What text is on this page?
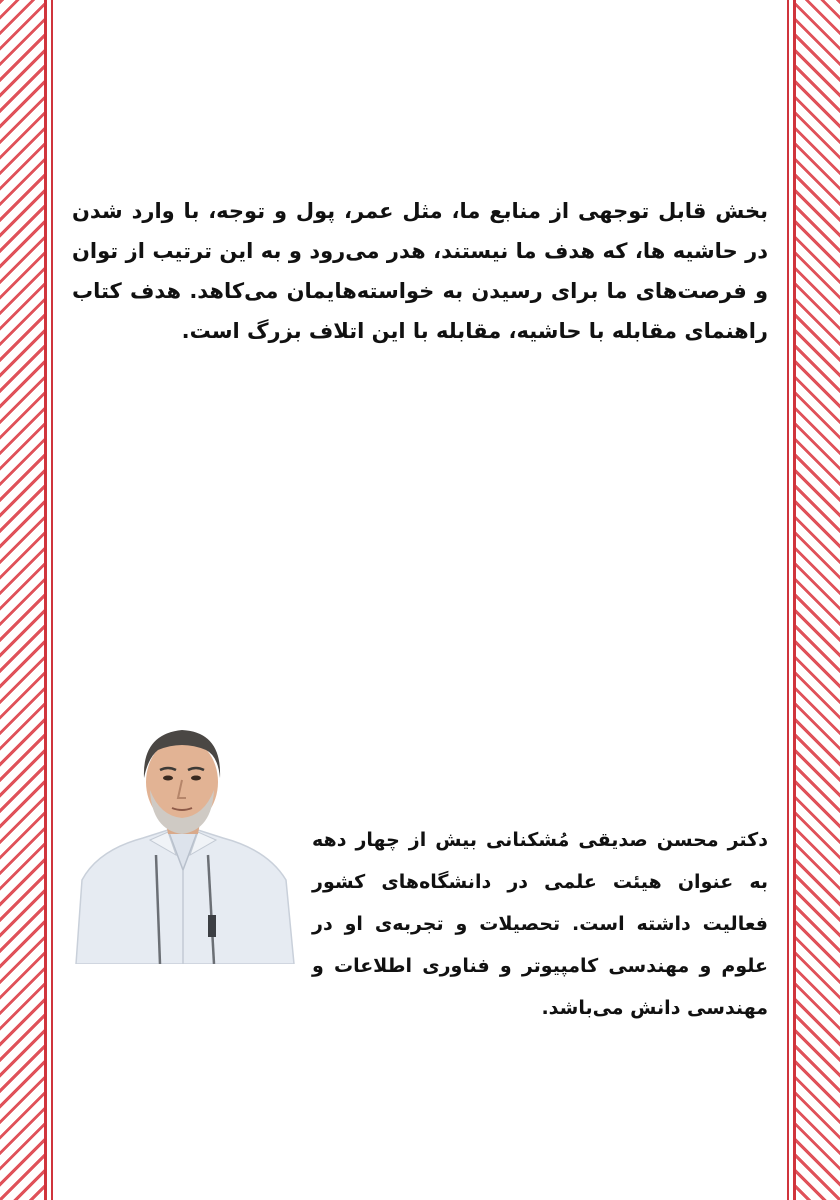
بخش قابل توجهی از منابع ما، مثل عمر، پول و توجه، با وارد شدن در حاشیه ها، که هدف ما نیستند، هدر می‌رود و به این ترتیب از توان و فرصت‌های ما برای رسیدن به خواسته‌هایمان می‌کاهد. هدف کتاب راهنمای مقابله با حاشیه، مقابله با این اتلاف بزرگ است.

دکتر محسن صدیقی مُشکنانی بیش از چهار دهه به عنوان هیئت علمی در دانشگاه‌های کشور فعالیت داشته است. تحصیلات و تجربه‌ی او در علوم و مهندسی کامپیوتر و فناوری اطلاعات و مهندسی دانش می‌باشد.
